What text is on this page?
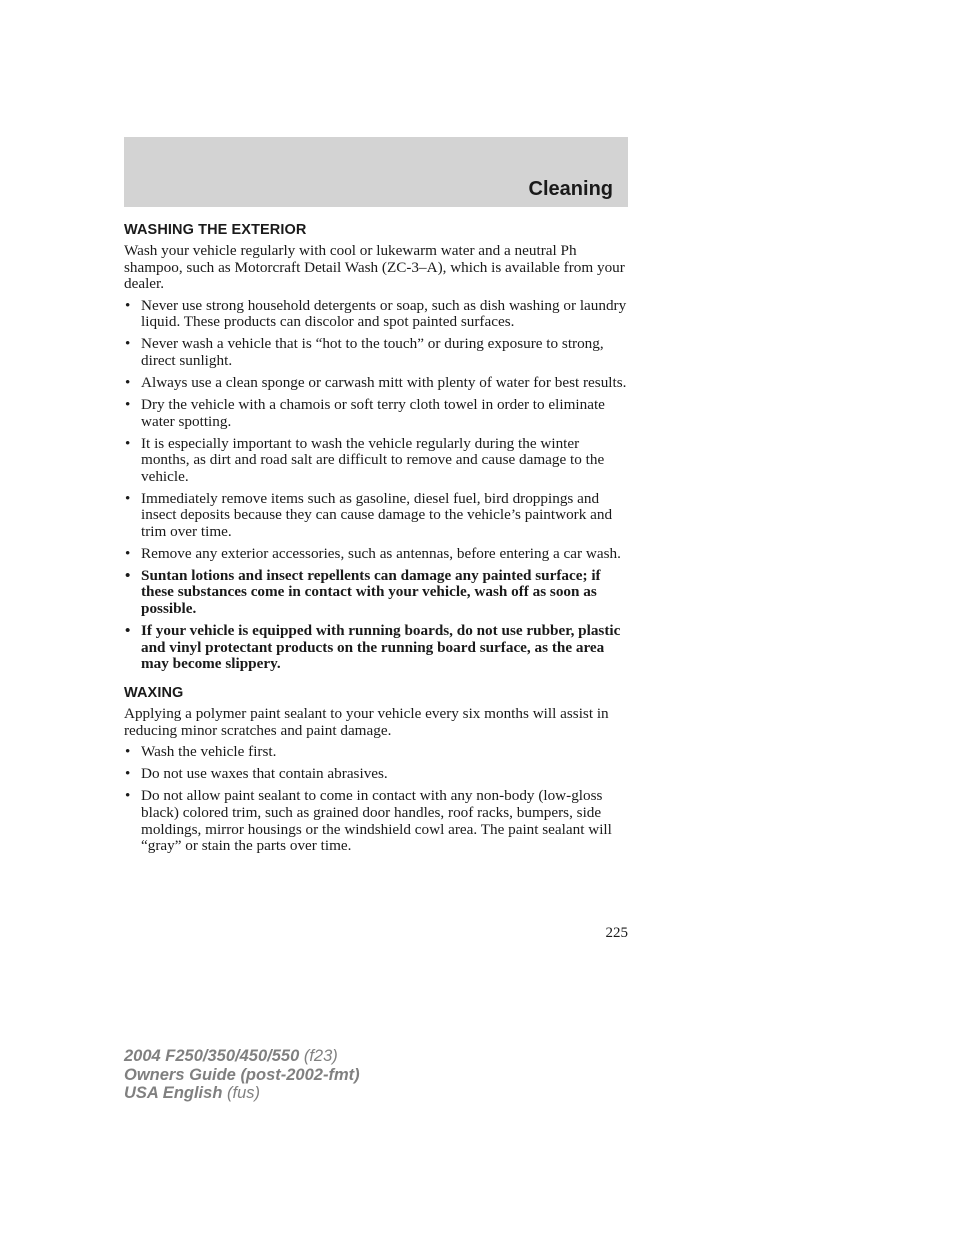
Cleaning
WASHING THE EXTERIOR

Wash your vehicle regularly with cool or lukewarm water and a neutral Ph shampoo, such as Motorcraft Detail Wash (ZC-3–A), which is available from your dealer.

• Never use strong household detergents or soap, such as dish washing or laundry liquid. These products can discolor and spot painted surfaces.
• Never wash a vehicle that is “hot to the touch” or during exposure to strong, direct sunlight.
• Always use a clean sponge or carwash mitt with plenty of water for best results.
• Dry the vehicle with a chamois or soft terry cloth towel in order to eliminate water spotting.
• It is especially important to wash the vehicle regularly during the winter months, as dirt and road salt are difficult to remove and cause damage to the vehicle.
• Immediately remove items such as gasoline, diesel fuel, bird droppings and insect deposits because they can cause damage to the vehicle’s paintwork and trim over time.
• Remove any exterior accessories, such as antennas, before entering a car wash.
• Suntan lotions and insect repellents can damage any painted surface; if these substances come in contact with your vehicle, wash off as soon as possible.
• If your vehicle is equipped with running boards, do not use rubber, plastic and vinyl protectant products on the running board surface, as the area may become slippery.
WAXING

Applying a polymer paint sealant to your vehicle every six months will assist in reducing minor scratches and paint damage.

• Wash the vehicle first.
• Do not use waxes that contain abrasives.
• Do not allow paint sealant to come in contact with any non-body (low-gloss black) colored trim, such as grained door handles, roof racks, bumpers, side moldings, mirror housings or the windshield cowl area. The paint sealant will “gray” or stain the parts over time.
225
2004 F250/350/450/550 (f23)
Owners Guide (post-2002-fmt)
USA English (fus)
